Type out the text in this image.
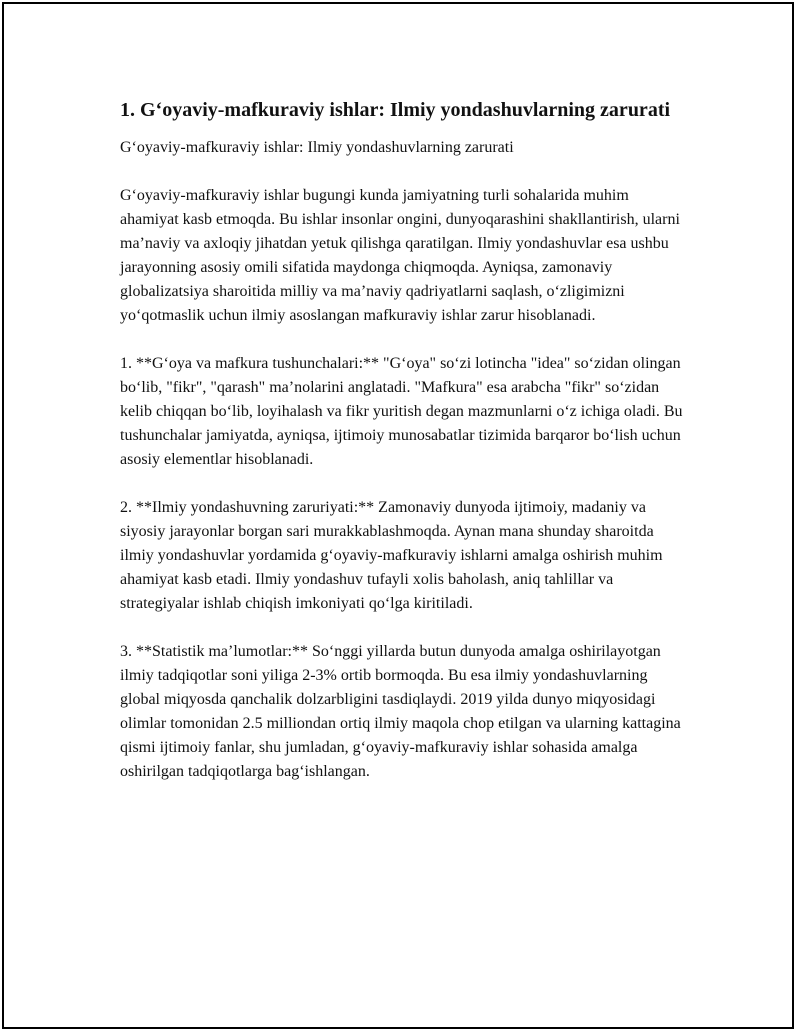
1. G‘oyaviy-mafkuraviy ishlar: Ilmiy yondashuvlarning zarurati
G‘oyaviy-mafkuraviy ishlar: Ilmiy yondashuvlarning zarurati

G‘oyaviy-mafkuraviy ishlar bugungi kunda jamiyatning turli sohalarida muhim ahamiyat kasb etmoqda. Bu ishlar insonlar ongini, dunyoqarashini shakllantirish, ularni ma’naviy va axloqiy jihatdan yetuk qilishga qaratilgan. Ilmiy yondashuvlar esa ushbu jarayonning asosiy omili sifatida maydonga chiqmoqda. Ayniqsa, zamonaviy globalizatsiya sharoitida milliy va ma’naviy qadriyatlarni saqlash, o‘zligimizni yo‘qotmaslik uchun ilmiy asoslangan mafkuraviy ishlar zarur hisoblanadi.

1. **G‘oya va mafkura tushunchalari:** "G‘oya" so‘zi lotincha "idea" so‘zidan olingan bo‘lib, "fikr", "qarash" ma’nolarini anglatadi. "Mafkura" esa arabcha "fikr" so‘zidan kelib chiqqan bo‘lib, loyihalash va fikr yuritish degan mazmunlarni o‘z ichiga oladi. Bu tushunchalar jamiyatda, ayniqsa, ijtimoiy munosabatlar tizimida barqaror bo‘lish uchun asosiy elementlar hisoblanadi.

2. **Ilmiy yondashuvning zaruriyati:** Zamonaviy dunyoda ijtimoiy, madaniy va siyosiy jarayonlar borgan sari murakkablashmoqda. Aynan mana shunday sharoitda ilmiy yondashuvlar yordamida g‘oyaviy-mafkuraviy ishlarni amalga oshirish muhim ahamiyat kasb etadi. Ilmiy yondashuv tufayli xolis baholash, aniq tahlillar va strategiyalar ishlab chiqish imkoniyati qo‘lga kiritiladi.

3. **Statistik ma’lumotlar:** So‘nggi yillarda butun dunyoda amalga oshirilayotgan ilmiy tadqiqotlar soni yiliga 2-3% ortib bormoqda. Bu esa ilmiy yondashuvlarning global miqyosda qanchalik dolzarbligini tasdiqlaydi. 2019 yilda dunyo miqyosidagi olimlar tomonidan 2.5 milliondan ortiq ilmiy maqola chop etilgan va ularning kattagina qismi ijtimoiy fanlar, shu jumladan, g‘oyaviy-mafkuraviy ishlar sohasida amalga oshirilgan tadqiqotlarga bag‘ishlangan.
